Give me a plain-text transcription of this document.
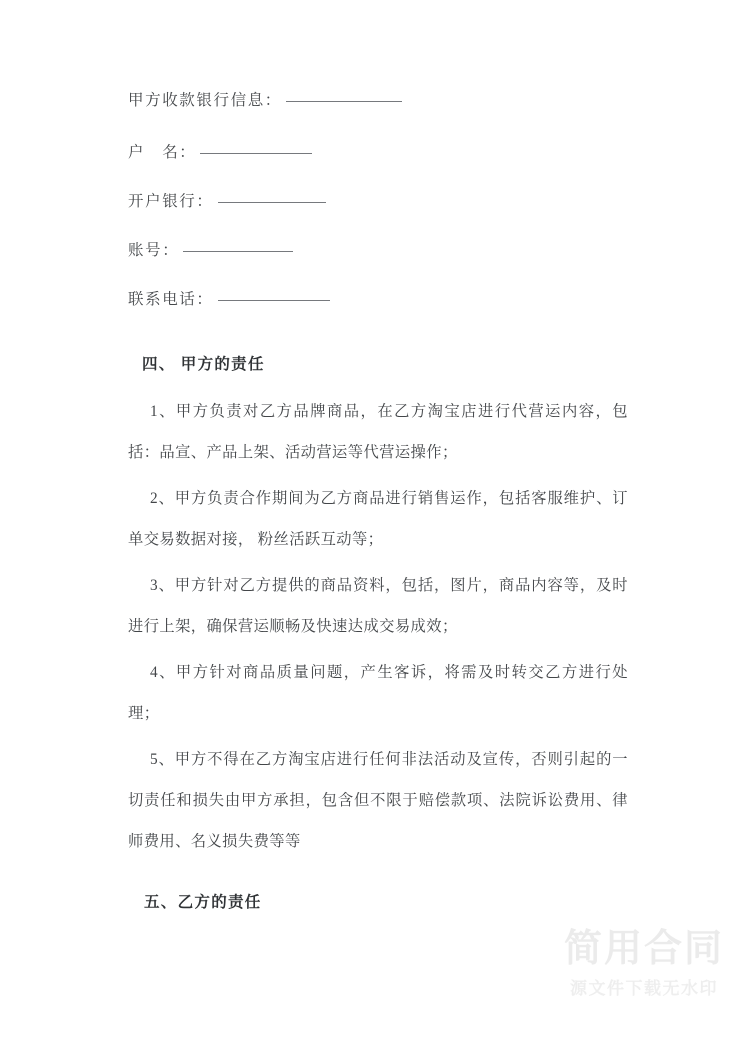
甲方收款银行信息：
户　名：
开户银行：
账号：
联系电话：
四、 甲方的责任

1、甲方负责对乙方品牌商品，在乙方淘宝店进行代营运内容，包括：品宣、产品上架、活动营运等代营运操作；

2、甲方负责合作期间为乙方商品进行销售运作，包括客服维护、订单交易数据对接， 粉丝活跃互动等；

3、甲方针对乙方提供的商品资料，包括，图片，商品内容等，及时进行上架，确保营运顺畅及快速达成交易成效；

4、甲方针对商品质量问题，产生客诉，将需及时转交乙方进行处理；

5、甲方不得在乙方淘宝店进行任何非法活动及宣传，否则引起的一切责任和损失由甲方承担，包含但不限于赔偿款项、法院诉讼费用、律师费用、名义损失费等等

五、乙方的责任
简用合同
源文件下载无水印
